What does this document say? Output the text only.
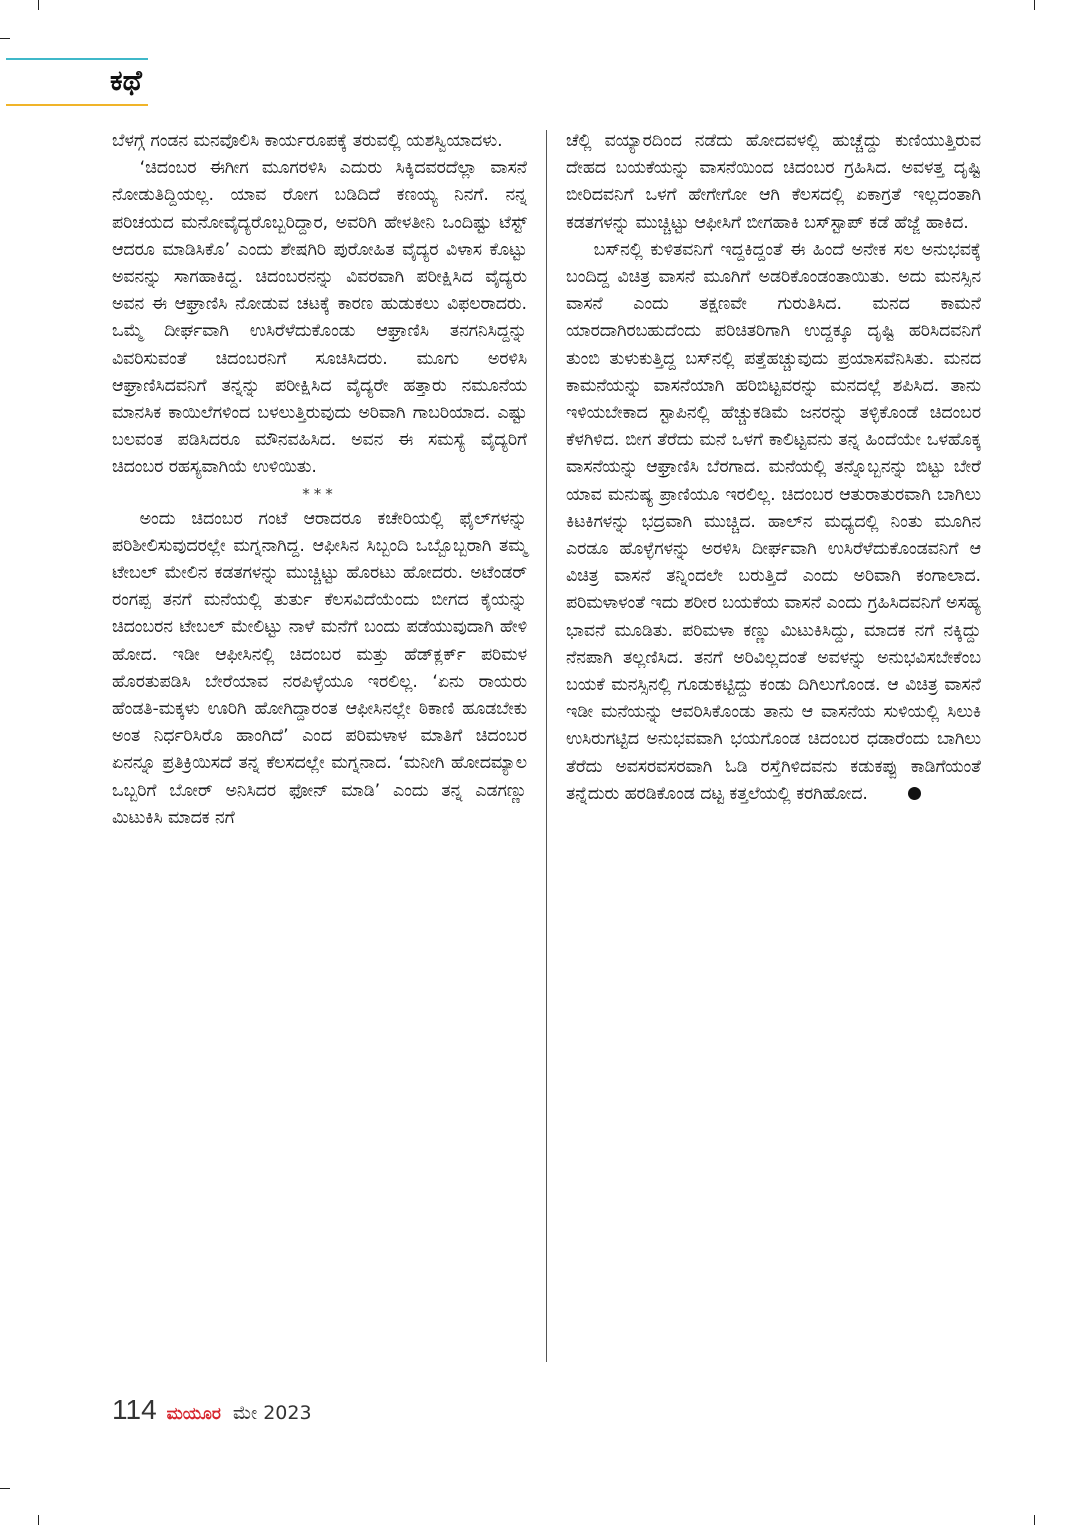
ಕಥೆ

ಬೆಳಗ್ಗೆ ಗಂಡನ ಮನವೊಲಿಸಿ ಕಾರ್ಯರೂಪಕ್ಕೆ ತರುವಲ್ಲಿ ಯಶಸ್ವಿಯಾದಳು.

‘ಚಿದಂಬರ ಈಗೀಗ ಮೂಗರಳಿಸಿ ಎದುರು ಸಿಕ್ಕಿದವರದೆಲ್ಲಾ ವಾಸನೆ ನೋಡುತಿದ್ದಿಯಲ್ಲ. ಯಾವ ರೋಗ ಬಡಿದಿದೆ ಕಣಯ್ಯ ನಿನಗೆ. ನನ್ನ ಪರಿಚಯದ ಮನೋವೈದ್ಯರೊಬ್ಬರಿದ್ದಾರ, ಅವರಿಗಿ ಹೇಳತೀನಿ ಒಂದಿಷ್ಟು ಟೆಸ್ಟ್ ಆದರೂ ಮಾಡಿಸಿಕೊ’ ಎಂದು ಶೇಷಗಿರಿ ಪುರೋಹಿತ ವೈದ್ಯರ ವಿಳಾಸ ಕೊಟ್ಟು ಅವನನ್ನು ಸಾಗಹಾಕಿದ್ದ. ಚಿದಂಬರನನ್ನು ವಿವರವಾಗಿ ಪರೀಕ್ಷಿಸಿದ ವೈದ್ಯರು ಅವನ ಈ ಆಘ್ರಾಣಿಸಿ ನೋಡುವ ಚಟಕ್ಕೆ ಕಾರಣ ಹುಡುಕಲು ವಿಫಲರಾದರು. ಒಮ್ಮೆ ದೀರ್ಘವಾಗಿ ಉಸಿರೆಳೆದುಕೊಂಡು ಆಘ್ರಾಣಿಸಿ ತನಗನಿಸಿದ್ದನ್ನು ವಿವರಿಸುವಂತೆ ಚಿದಂಬರನಿಗೆ ಸೂಚಿಸಿದರು. ಮೂಗು ಅರಳಿಸಿ ಆಘ್ರಾಣಿಸಿದವನಿಗೆ ತನ್ನನ್ನು ಪರೀಕ್ಷಿಸಿದ ವೈದ್ಯರೇ ಹತ್ತಾರು ನಮೂನೆಯ ಮಾನಸಿಕ ಕಾಯಿಲೆಗಳಿಂದ ಬಳಲುತ್ತಿರುವುದು ಅರಿವಾಗಿ ಗಾಬರಿಯಾದ. ಎಷ್ಟು ಬಲವಂತ ಪಡಿಸಿದರೂ ಮೌನವಹಿಸಿದ. ಅವನ ಈ ಸಮಸ್ಯೆ ವೈದ್ಯರಿಗೆ ಚಿದಂಬರ ರಹಸ್ಯವಾಗಿಯೆ ಉಳಿಯಿತು.

***

ಅಂದು ಚಿದಂಬರ ಗಂಟೆ ಆರಾದರೂ ಕಚೇರಿಯಲ್ಲಿ ಫೈಲ್‌ಗಳನ್ನು ಪರಿಶೀಲಿಸುವುದರಲ್ಲೇ ಮಗ್ನನಾಗಿದ್ದ. ಆಫೀಸಿನ ಸಿಬ್ಬಂದಿ ಒಬ್ಬೊಬ್ಬರಾಗಿ ತಮ್ಮ ಟೇಬಲ್ ಮೇಲಿನ ಕಡತಗಳನ್ನು ಮುಚ್ಚಿಟ್ಟು ಹೊರಟು ಹೋದರು. ಅಟೆಂಡರ್ ರಂಗಪ್ಪ ತನಗೆ ಮನೆಯಲ್ಲಿ ತುರ್ತು ಕೆಲಸವಿದೆಯೆಂದು ಬೀಗದ ಕೈಯನ್ನು ಚಿದಂಬರನ ಟೇಬಲ್ ಮೇಲಿಟ್ಟು ನಾಳೆ ಮನೆಗೆ ಬಂದು ಪಡೆಯುವುದಾಗಿ ಹೇಳಿ ಹೋದ. ಇಡೀ ಆಫೀಸಿನಲ್ಲಿ ಚಿದಂಬರ ಮತ್ತು ಹೆಡ್‌ಕ್ಲರ್ಕ್ ಪರಿಮಳ ಹೊರತುಪಡಿಸಿ ಬೇರೆಯಾವ ನರಪಿಳ್ಳೆಯೂ ಇರಲಿಲ್ಲ. ‘ಏನು ರಾಯರು ಹೆಂಡತಿ-ಮಕ್ಕಳು ಊರಿಗಿ ಹೋಗಿದ್ದಾರಂತ ಆಫೀಸಿನಲ್ಲೇ ಠಿಕಾಣಿ ಹೂಡಬೇಕು ಅಂತ ನಿರ್ಧರಿಸಿರೊ ಹಾಂಗಿದೆ’ ಎಂದ ಪರಿಮಳಾಳ ಮಾತಿಗೆ ಚಿದಂಬರ ಏನನ್ನೂ ಪ್ರತಿಕ್ರಿಯಿಸದೆ ತನ್ನ ಕೆಲಸದಲ್ಲೇ ಮಗ್ನನಾದ. ‘ಮನೀಗಿ ಹೋದಮ್ಯಾಲ ಒಬ್ಬರಿಗೆ ಬೋರ್ ಅನಿಸಿದರ ಫೋನ್ ಮಾಡಿ’ ಎಂದು ತನ್ನ ಎಡಗಣ್ಣು ಮಿಟುಕಿಸಿ ಮಾದಕ ನಗೆ

ಚೆಲ್ಲಿ ವಯ್ಯಾರದಿಂದ ನಡೆದು ಹೋದವಳಲ್ಲಿ ಹುಚ್ಚೆದ್ದು ಕುಣಿಯುತ್ತಿರುವ ದೇಹದ ಬಯಕೆಯನ್ನು ವಾಸನೆಯಿಂದ ಚಿದಂಬರ ಗ್ರಹಿಸಿದ. ಅವಳತ್ತ ದೃಷ್ಟಿ ಬೀರಿದವನಿಗೆ ಒಳಗೆ ಹೇಗೇಗೋ ಆಗಿ ಕೆಲಸದಲ್ಲಿ ಏಕಾಗ್ರತೆ ಇಲ್ಲದಂತಾಗಿ ಕಡತಗಳನ್ನು ಮುಚ್ಚಿಟ್ಟು ಆಫೀಸಿಗೆ ಬೀಗಹಾಕಿ ಬಸ್‌ಸ್ಟಾಪ್ ಕಡೆ ಹೆಜ್ಜೆ ಹಾಕಿದ.

ಬಸ್‌ನಲ್ಲಿ ಕುಳಿತವನಿಗೆ ಇದ್ದಕಿದ್ದಂತೆ ಈ ಹಿಂದೆ ಅನೇಕ ಸಲ ಅನುಭವಕ್ಕೆ ಬಂದಿದ್ದ ವಿಚಿತ್ರ ವಾಸನೆ ಮೂಗಿಗೆ ಅಡರಿಕೊಂಡಂತಾಯಿತು. ಅದು ಮನಸ್ಸಿನ ವಾಸನೆ ಎಂದು ತಕ್ಷಣವೇ ಗುರುತಿಸಿದ. ಮನದ ಕಾಮನೆ ಯಾರದಾಗಿರಬಹುದೆಂದು ಪರಿಚಿತರಿಗಾಗಿ ಉದ್ದಕ್ಕೂ ದೃಷ್ಟಿ ಹರಿಸಿದವನಿಗೆ ತುಂಬಿ ತುಳುಕುತ್ತಿದ್ದ ಬಸ್‌ನಲ್ಲಿ ಪತ್ತೆಹಚ್ಚುವುದು ಪ್ರಯಾಸವೆನಿಸಿತು. ಮನದ ಕಾಮನೆಯನ್ನು ವಾಸನೆಯಾಗಿ ಹರಿಬಿಟ್ಟವರನ್ನು ಮನದಲ್ಲೆ ಶಪಿಸಿದ. ತಾನು ಇಳಿಯಬೇಕಾದ ಸ್ಟಾಪಿನಲ್ಲಿ ಹೆಚ್ಚುಕಡಿಮೆ ಜನರನ್ನು ತಳ್ಳಿಕೊಂಡೆ ಚಿದಂಬರ ಕೆಳಗಿಳಿದ. ಬೀಗ ತೆರೆದು ಮನೆ ಒಳಗೆ ಕಾಲಿಟ್ಟವನು ತನ್ನ ಹಿಂದೆಯೇ ಒಳಹೊಕ್ಕ ವಾಸನೆಯನ್ನು ಆಘ್ರಾಣಿಸಿ ಬೆರಗಾದ. ಮನೆಯಲ್ಲಿ ತನ್ನೊಬ್ಬನನ್ನು ಬಿಟ್ಟು ಬೇರೆ ಯಾವ ಮನುಷ್ಯ ಪ್ರಾಣಿಯೂ ಇರಲಿಲ್ಲ. ಚಿದಂಬರ ಆತುರಾತುರವಾಗಿ ಬಾಗಿಲು ಕಿಟಕಿಗಳನ್ನು ಭದ್ರವಾಗಿ ಮುಚ್ಚಿದ. ಹಾಲ್‌ನ ಮಧ್ಯದಲ್ಲಿ ನಿಂತು ಮೂಗಿನ ಎರಡೂ ಹೊಳ್ಳೆಗಳನ್ನು ಅರಳಿಸಿ ದೀರ್ಘವಾಗಿ ಉಸಿರೆಳೆದುಕೊಂಡವನಿಗೆ ಆ ವಿಚಿತ್ರ ವಾಸನೆ ತನ್ನಿಂದಲೇ ಬರುತ್ತಿದೆ ಎಂದು ಅರಿವಾಗಿ ಕಂಗಾಲಾದ. ಪರಿಮಳಾಳಂತೆ ಇದು ಶರೀರ ಬಯಕೆಯ ವಾಸನೆ ಎಂದು ಗ್ರಹಿಸಿದವನಿಗೆ ಅಸಹ್ಯ ಭಾವನೆ ಮೂಡಿತು. ಪರಿಮಳಾ ಕಣ್ಣು ಮಿಟುಕಿಸಿದ್ದು, ಮಾದಕ ನಗೆ ನಕ್ಕಿದ್ದು ನೆನಪಾಗಿ ತಲ್ಲಣಿಸಿದ. ತನಗೆ ಅರಿವಿಲ್ಲದಂತೆ ಅವಳನ್ನು ಅನುಭವಿಸಬೇಕೆಂಬ ಬಯಕೆ ಮನಸ್ಸಿನಲ್ಲಿ ಗೂಡುಕಟ್ಟಿದ್ದು ಕಂಡು ದಿಗಿಲುಗೊಂಡ. ಆ ವಿಚಿತ್ರ ವಾಸನೆ ಇಡೀ ಮನೆಯನ್ನು ಆವರಿಸಿಕೊಂಡು ತಾನು ಆ ವಾಸನೆಯ ಸುಳಿಯಲ್ಲಿ ಸಿಲುಕಿ ಉಸಿರುಗಟ್ಟಿದ ಅನುಭವವಾಗಿ ಭಯಗೊಂಡ ಚಿದಂಬರ ಧಡಾರೆಂದು ಬಾಗಿಲು ತೆರೆದು ಅವಸರವಸರವಾಗಿ ಓಡಿ ರಸ್ತೆಗಿಳಿದವನು ಕಡುಕಪ್ಪು ಕಾಡಿಗೆಯಂತೆ ತನ್ನೆದುರು ಹರಡಿಕೊಂಡ ದಟ್ಟ ಕತ್ತಲೆಯಲ್ಲಿ ಕರಗಿಹೋದ.

114 ಮಯೂರ ಮೇ 2023
